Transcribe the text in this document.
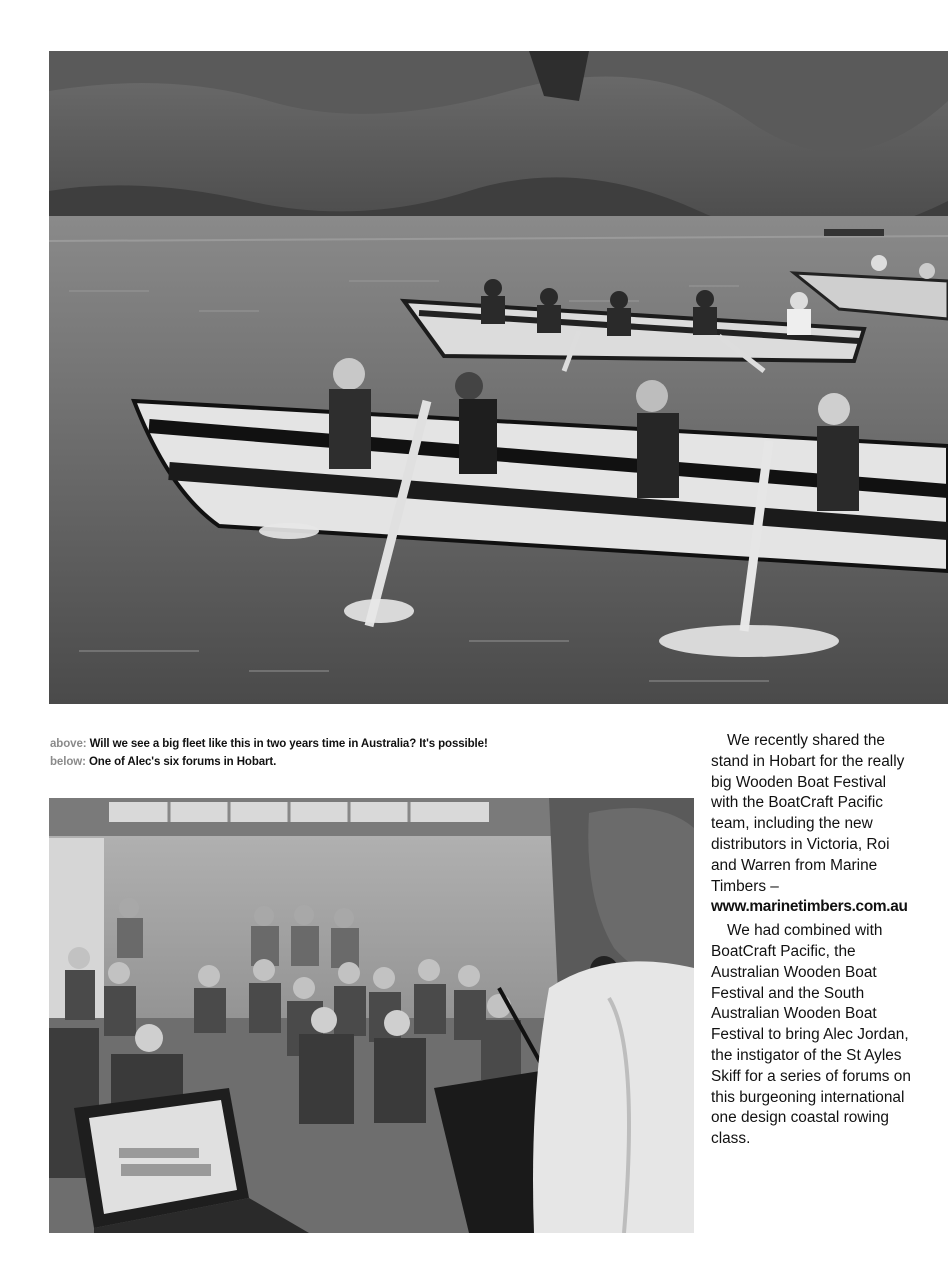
above: Will we see a big fleet like this in two years time in Australia? It's possible!
below: One of Alec's six forums in Hobart.

We recently shared the stand in Hobart for the really big Wooden Boat Festival with the BoatCraft Pacific team, including the new distributors in Victoria, Roi and Warren from Marine Timbers – www.marinetimbers.com.au

We had combined with BoatCraft Pacific, the Australian Wooden Boat Festival and the South Australian Wooden Boat Festival to bring Alec Jordan, the instigator of the St Ayles Skiff for a series of forums on this burgeoning international one design coastal rowing class.
